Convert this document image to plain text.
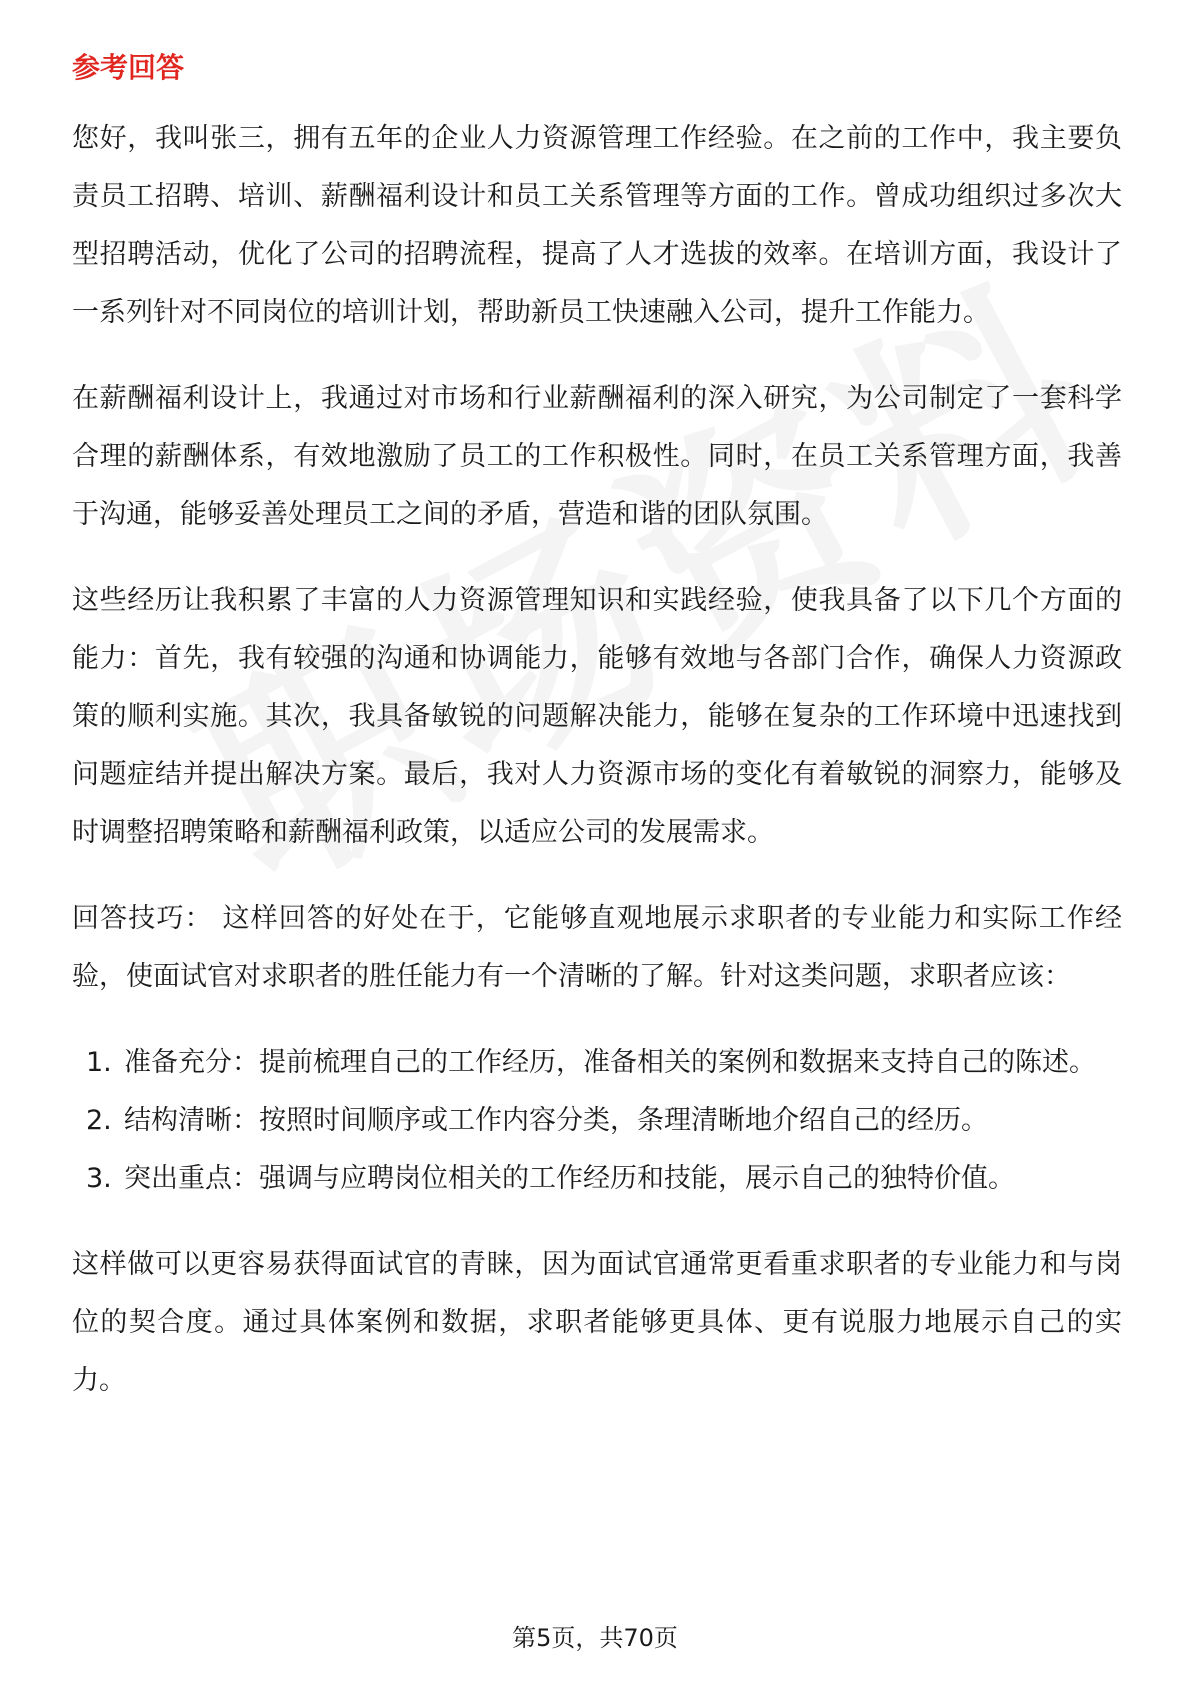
参考回答

您好，我叫张三，拥有五年的企业人力资源管理工作经验。在之前的工作中，我主要负责员工招聘、培训、薪酬福利设计和员工关系管理等方面的工作。曾成功组织过多次大型招聘活动，优化了公司的招聘流程，提高了人才选拔的效率。在培训方面，我设计了一系列针对不同岗位的培训计划，帮助新员工快速融入公司，提升工作能力。

在薪酬福利设计上，我通过对市场和行业薪酬福利的深入研究，为公司制定了一套科学合理的薪酬体系，有效地激励了员工的工作积极性。同时，在员工关系管理方面，我善于沟通，能够妥善处理员工之间的矛盾，营造和谐的团队氛围。

这些经历让我积累了丰富的人力资源管理知识和实践经验，使我具备了以下几个方面的能力：首先，我有较强的沟通和协调能力，能够有效地与各部门合作，确保人力资源政策的顺利实施。其次，我具备敏锐的问题解决能力，能够在复杂的工作环境中迅速找到问题症结并提出解决方案。最后，我对人力资源市场的变化有着敏锐的洞察力，能够及时调整招聘策略和薪酬福利政策，以适应公司的发展需求。

回答技巧： 这样回答的好处在于，它能够直观地展示求职者的专业能力和实际工作经验，使面试官对求职者的胜任能力有一个清晰的了解。针对这类问题，求职者应该：

1. 准备充分：提前梳理自己的工作经历，准备相关的案例和数据来支持自己的陈述。
2. 结构清晰：按照时间顺序或工作内容分类，条理清晰地介绍自己的经历。
3. 突出重点：强调与应聘岗位相关的工作经历和技能，展示自己的独特价值。

这样做可以更容易获得面试官的青睐，因为面试官通常更看重求职者的专业能力和与岗位的契合度。通过具体案例和数据，求职者能够更具体、更有说服力地展示自己的实力。

第5页，共70页
